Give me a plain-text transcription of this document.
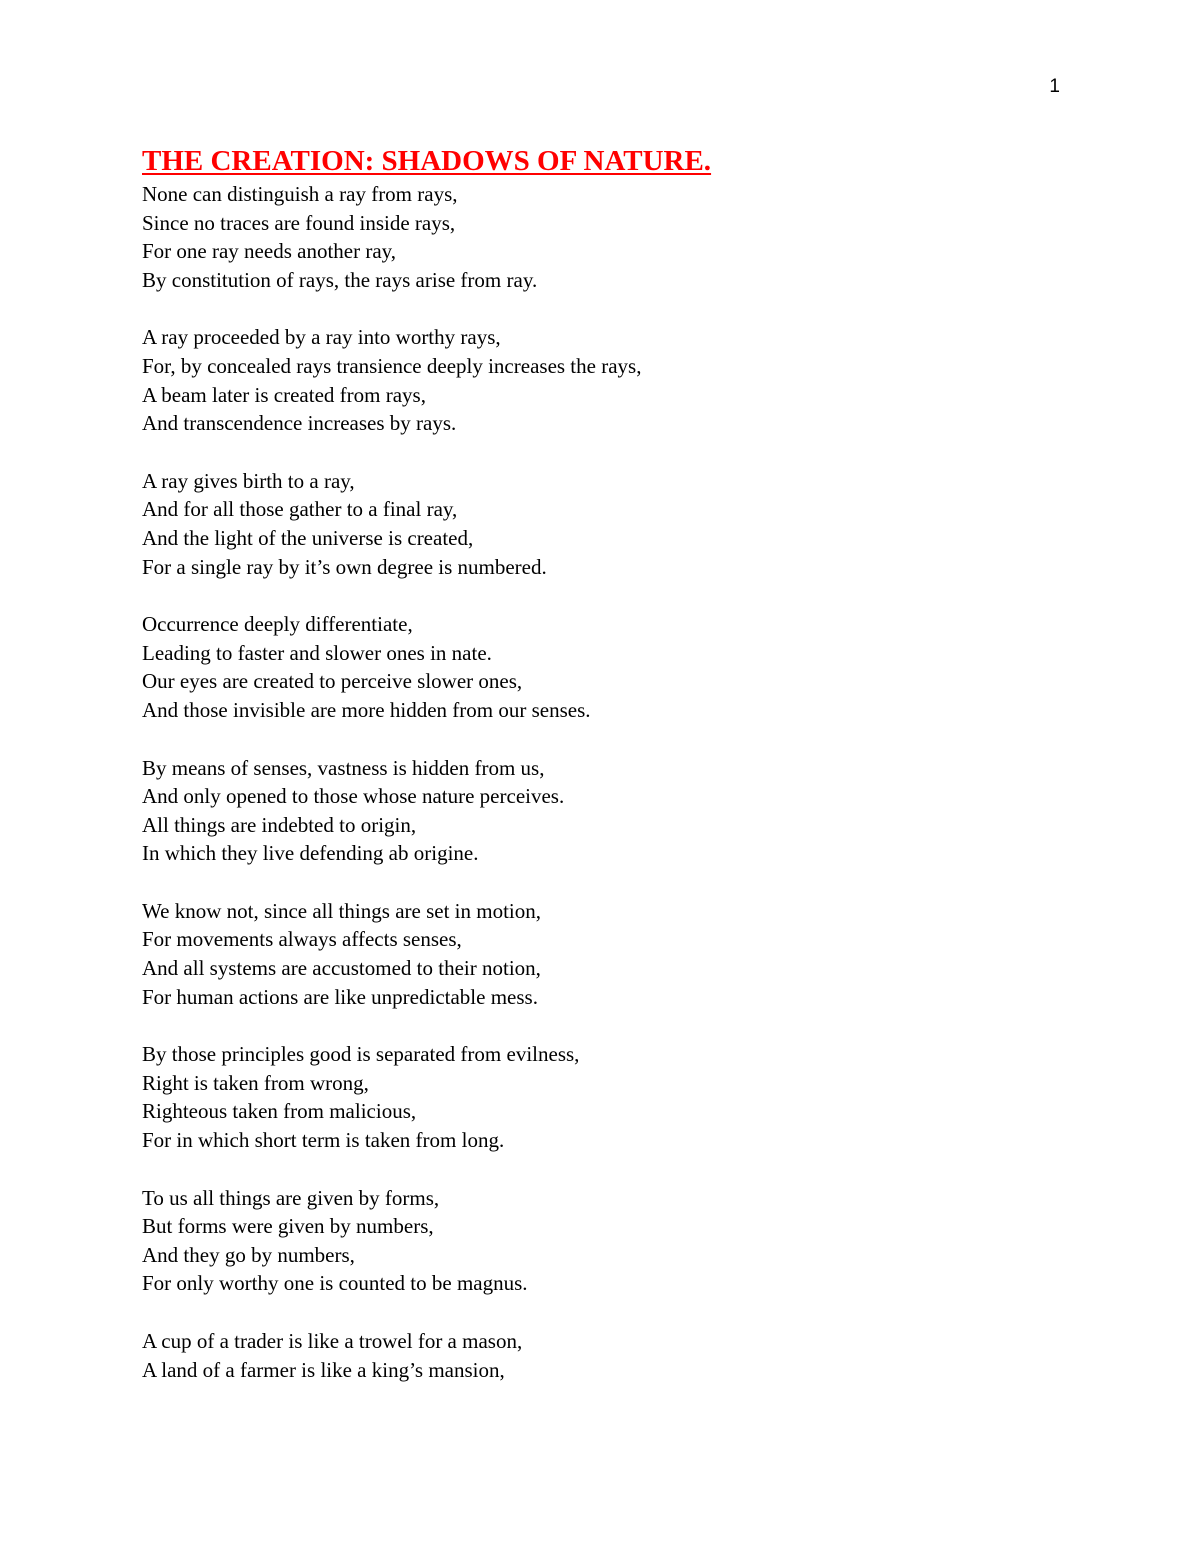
1
THE CREATION: SHADOWS OF NATURE.
None can distinguish a ray from rays,
Since no traces are found inside rays,
For one ray needs another ray,
By constitution of rays, the rays arise from ray.
A ray proceeded by a ray into worthy rays,
For, by concealed rays transience deeply increases the rays,
A beam later is created from rays,
And transcendence increases by rays.
A ray gives birth to a ray,
And for all those gather to a final ray,
And the light of the universe is created,
For a single ray by it’s own degree is numbered.
Occurrence deeply differentiate,
Leading to faster and slower ones in nate.
Our eyes are created to perceive slower ones,
And those invisible are more hidden from our senses.
By means of senses, vastness is hidden from us,
And only opened to those whose nature perceives.
All things are indebted to origin,
In which they live defending ab origine.
We know not, since all things are set in motion,
For movements always affects senses,
And all systems are accustomed to their notion,
For human actions are like unpredictable mess.
By those principles good is separated from evilness,
Right is taken from wrong,
Righteous taken from malicious,
For in which short term is taken from long.
To us all things are given by forms,
But forms were given by numbers,
And they go by numbers,
For only worthy one is counted to be magnus.
A cup of a trader is like a trowel for a mason,
A land of a farmer is like a king’s mansion,
